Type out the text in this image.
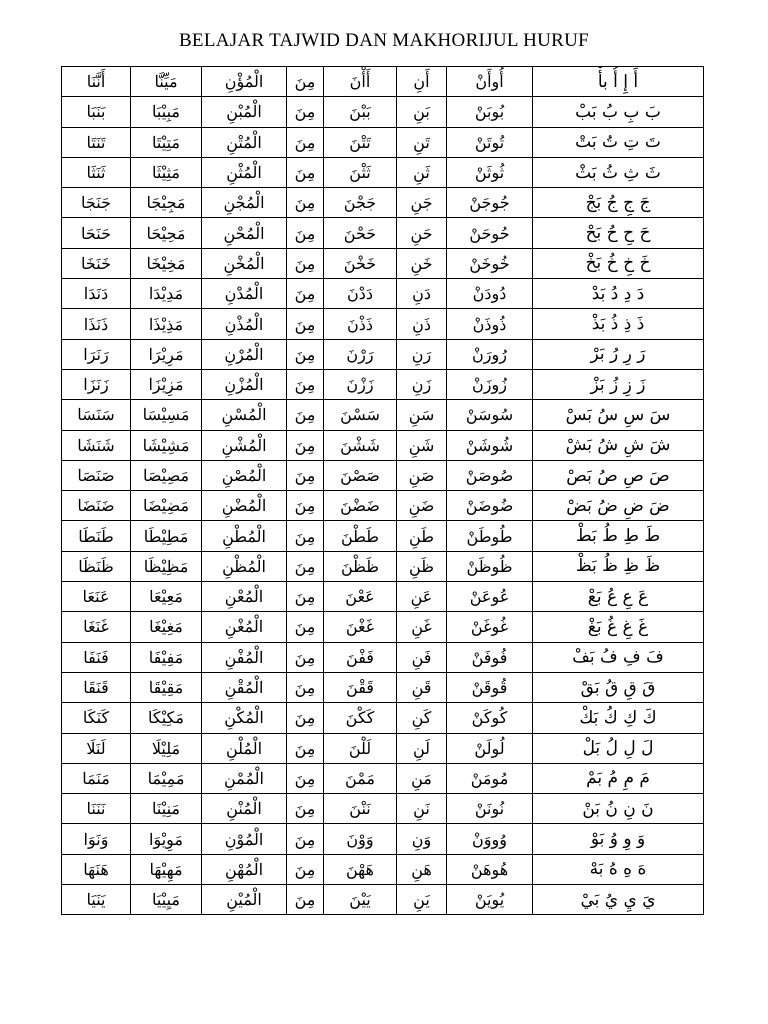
BELAJAR TAJWID DAN MAKHORIJUL HURUF
أَنَّنَا	مَيِّنَّا	الْمُؤْنِ	مِنَ	أَأْنَ	أَنِ	أُوأَنْ	أَ إِ أُ بأْ
بَنَبَا	مَبِيْبَا	الْمُبْنِ	مِنَ	بَبْنَ	بَنِ	بُوبَنْ	بَ بِ بُ بَبْ
تَنَتَا	مَتِيْتَا	الْمُتْنِ	مِنَ	تَتْنَ	تَنِ	تُوتَنْ	تَ تِ تُ بَتْ
ثَنَثَا	مَثِيْثَا	الْمُثْنِ	مِنَ	ثَثْنَ	ثَنِ	ثُوثَنْ	ثَ ثِ ثُ بَثْ
جَنَجَا	مَجِيْجَا	الْمُجْنِ	مِنَ	جَجْنَ	جَنِ	جُوجَنْ	جَ جِ جُ بَجْ
حَنَحَا	مَحِيْحَا	الْمُحْنِ	مِنَ	حَحْنَ	حَنِ	حُوحَنْ	حَ حِ حُ بَحْ
خَنَخَا	مَخِيْخَا	الْمُخْنِ	مِنَ	خَخْنَ	خَنِ	خُوخَنْ	خَ خِ خُ بَخْ
دَنَدَا	مَدِيْدَا	الْمُدْنِ	مِنَ	دَدْنَ	دَنِ	دُودَنْ	دَ دِ دُ بَدْ
ذَنَذَا	مَذِيْذَا	الْمُذْنِ	مِنَ	ذَذْنَ	ذَنِ	ذُوذَنْ	ذَ ذِ ذُ بَذْ
رَنَرَا	مَرِيْرَا	الْمُرْنِ	مِنَ	رَرْنَ	رَنِ	رُورَنْ	رَ رِ رُ بَرْ
زَنَزَا	مَزِيْزَا	الْمُزْنِ	مِنَ	زَزْنَ	زَنِ	زُوزَنْ	زَ زِ زُ بَزْ
سَنَسَا	مَسِيْسَا	الْمُسْنِ	مِنَ	سَسْنَ	سَنِ	سُوسَنْ	سَ سِ سُ بَسْ
شَنَشَا	مَشِيْشَا	الْمُشْنِ	مِنَ	شَشْنَ	شَنِ	شُوشَنْ	شَ شِ شُ بَشْ
صَنَصَا	مَصِيْصَا	الْمُصْنِ	مِنَ	صَصْنَ	صَنِ	صُوصَنْ	صَ صِ صُ بَصْ
ضَنَضَا	مَضِيْضَا	الْمُضْنِ	مِنَ	ضَضْنَ	ضَنِ	ضُوضَنْ	ضَ ضِ ضُ بَضْ
طَنَطَا	مَطِيْطَا	الْمُطْنِ	مِنَ	طَطْنَ	طَنِ	طُوطَنْ	طَ طِ طُ بَطْ
ظَنَظَا	مَظِيْظَا	الْمُظْنِ	مِنَ	ظَظْنَ	ظَنِ	ظُوظَنْ	ظَ ظِ ظُ بَظْ
عَنَعَا	مَعِيْعَا	الْمُعْنِ	مِنَ	عَعْنَ	عَنِ	عُوعَنْ	عَ عِ عُ بَعْ
غَنَغَا	مَغِيْغَا	الْمُغْنِ	مِنَ	غَغْنَ	غَنِ	غُوغَنْ	غَ غِ غُ بَغْ
فَنَفَا	مَفِيْفَا	الْمُفْنِ	مِنَ	فَفْنَ	فَنِ	فُوفَنْ	فَ فِ فُ بَفْ
قَنَقَا	مَقِيْقَا	الْمُقْنِ	مِنَ	قَقْنَ	قَنِ	قُوقَنْ	قَ قِ قُ بَقْ
كَنَكَا	مَكِيْكَا	الْمُكْنِ	مِنَ	كَكْنَ	كَنِ	كُوكَنْ	كَ كِ كُ بَكْ
لَنَلَا	مَلِيْلَا	الْمُلْنِ	مِنَ	لَلْنَ	لَنِ	لُولَنْ	لَ لِ لُ بَلْ
مَنَمَا	مَمِيْمَا	الْمُمْنِ	مِنَ	مَمْنَ	مَنِ	مُومَنْ	مَ مِ مُ بَمْ
نَنَنَا	مَنِيْنَا	الْمُنْنِ	مِنَ	نَنْنَ	نَنِ	نُونَنْ	نَ نِ نُ بَنْ
وَنَوَا	مَوِيْوَا	الْمُوْنِ	مِنَ	وَوْنَ	وَنِ	وُووَنْ	وَ وِ وُ بَوْ
هَنَهَا	مَهِيْهَا	الْمُهْنِ	مِنَ	هَهْنَ	هَنِ	هُوهَنْ	هَ هِ هُ بَهْ
يَنَيَا	مَيِيْيَا	الْمُيْنِ	مِنَ	يَيْنَ	يَنِ	يُويَنْ	يَ يِ يُ بَيْ
